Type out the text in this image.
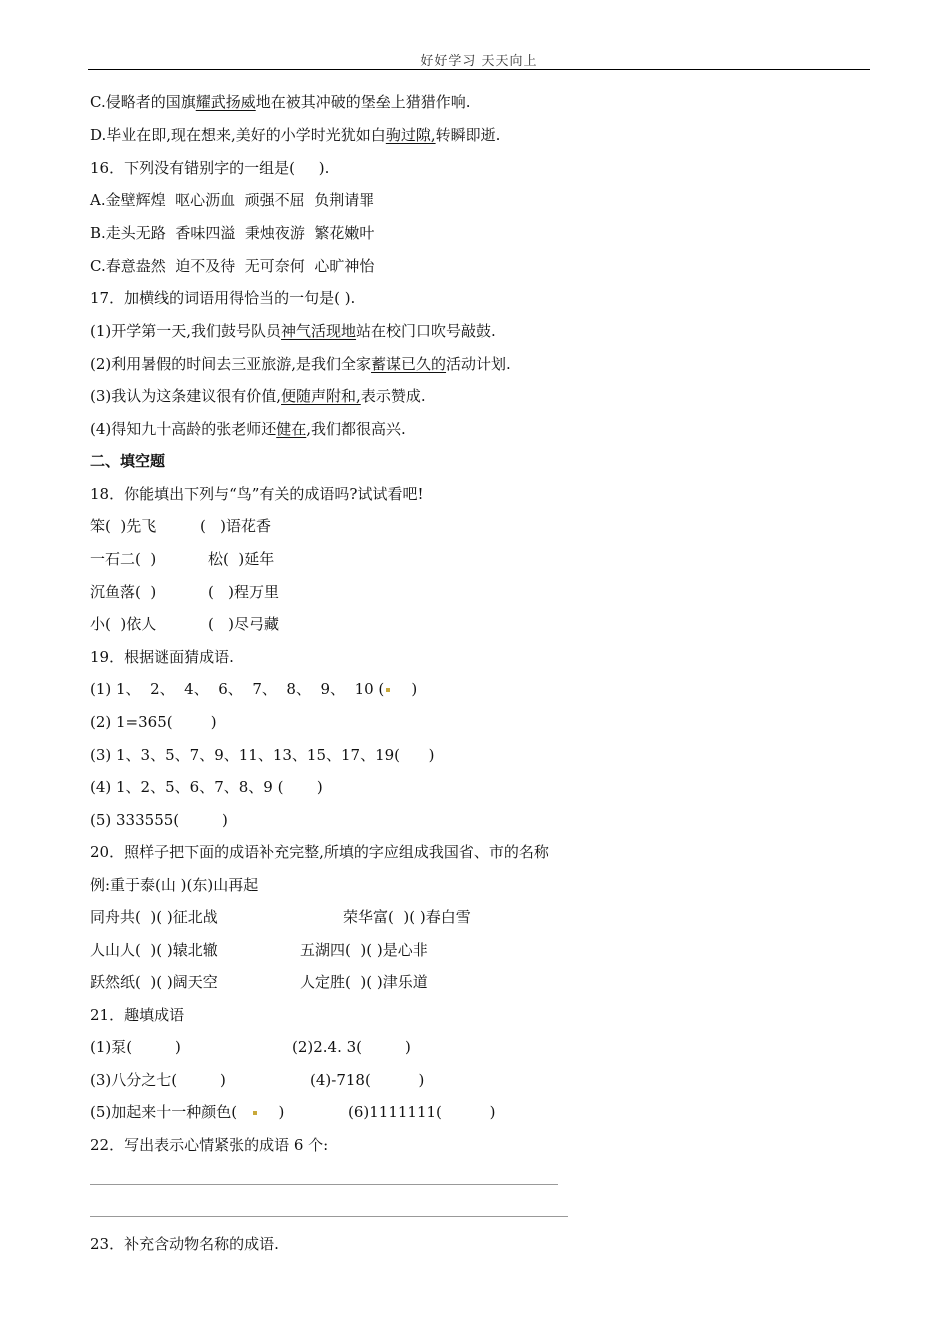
好好学习 天天向上
C.侵略者的国旗耀武扬威地在被其冲破的堡垒上猎猎作响.
D.毕业在即,现在想来,美好的小学时光犹如白驹过隙,转瞬即逝.
16．下列没有错别字的一组是(     ).
A.金壁辉煌  呕心沥血  顽强不屈  负荆请罪
B.走头无路  香味四溢  秉烛夜游  繁花嫩叶
C.春意盎然  迫不及待  无可奈何  心旷神怡
17．加横线的词语用得恰当的一句是( ).
(1)开学第一天,我们鼓号队员神气活现地站在校门口吹号敲鼓.
(2)利用暑假的时间去三亚旅游,是我们全家蓄谋已久的活动计划.
(3)我认为这条建议很有价值,便随声附和,表示赞成.
(4)得知九十高龄的张老师还健在,我们都很高兴.
二、填空题
18．你能填出下列与“鸟”有关的成语吗?试试看吧!
笨(  )先飞	(   )语花香
一石二(  )	松(  )延年
沉鱼落(  )	(   )程万里
小(  )依人	(   )尽弓藏
19．根据谜面猜成语.
(1) 1、  2、  4、  6、  7、  8、  9、  10 (    )
(2) 1=365(        )
(3) 1、3、5、7、9、11、13、15、17、19(      )
(4) 1、2、5、6、7、8、9 (       )
(5) 333555(         )
20．照样子把下面的成语补充完整,所填的字应组成我国省、市的名称
例:重于泰(山 )(东)山再起
同舟共(  )( )征北战	荣华富(  )( )春白雪
人山人(  )( )辕北辙	五湖四(  )( )是心非
跃然纸(  )( )阔天空	人定胜(  )( )津乐道
21．趣填成语
(1)泵(         )	(2)2.4. 3(         )
(3)八分之七(         )	(4)-718(          )
(5)加起来十一种颜色(       )	(6)1111111(          )
22．写出表示心情紧张的成语 6 个:
23．补充含动物名称的成语.
